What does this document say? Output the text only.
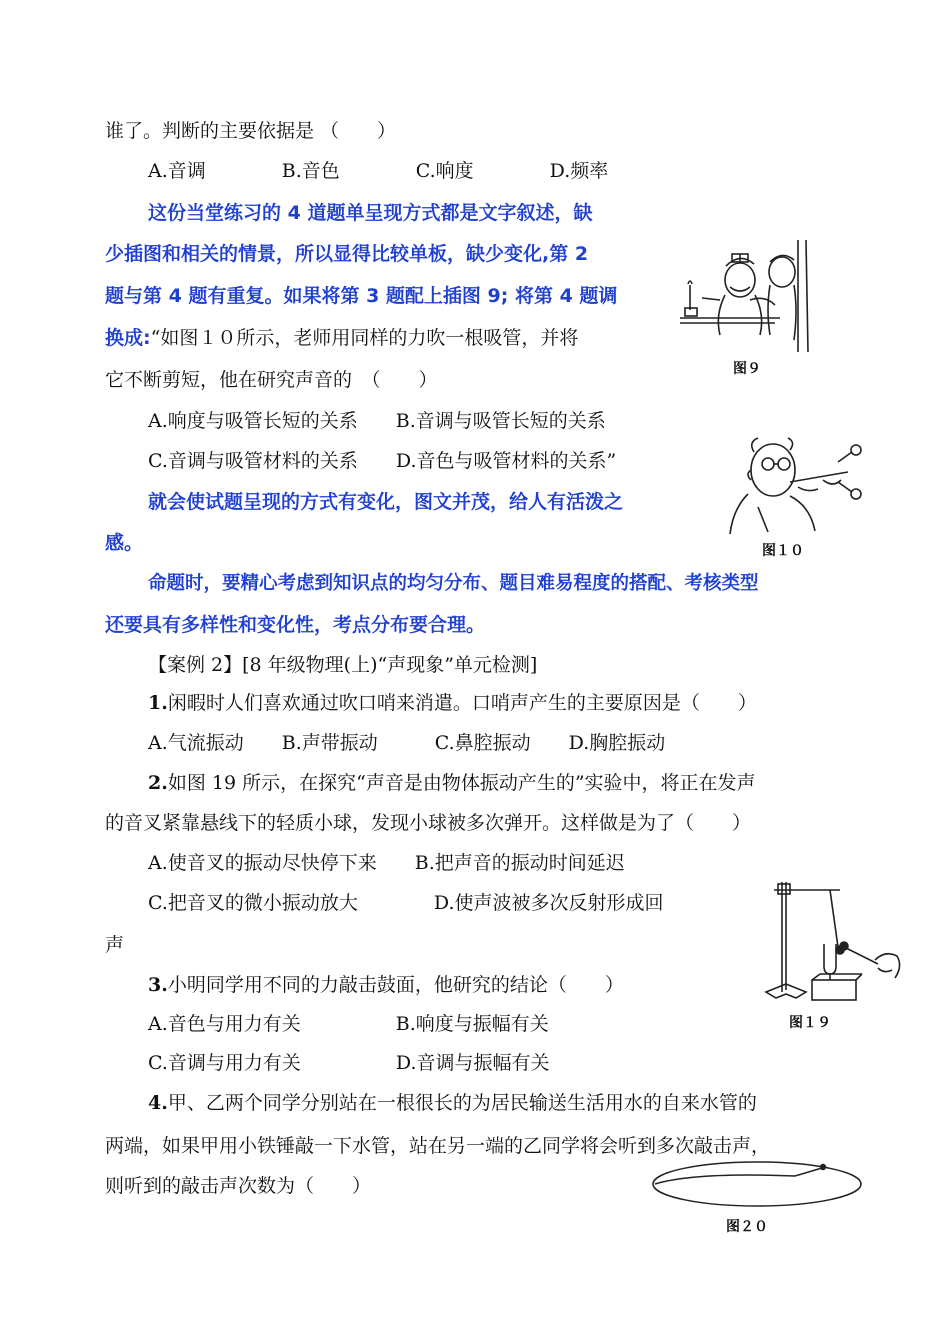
谁了。判断的主要依据是 （　　）
A.音调　　　　B.音色　　　　C.响度　　　　D.频率
这份当堂练习的 4 道题单呈现方式都是文字叙述，缺
少插图和相关的情景，所以显得比较单板，缺少变化,第 2
题与第 4 题有重复。如果将第 3 题配上插图 9; 将第 4 题调
换成:“如图１０所示，老师用同样的力吹一根吸管，并将
它不断剪短，他在研究声音的　（　　）
A.响度与吸管长短的关系　　B.音调与吸管长短的关系
C.音调与吸管材料的关系　　D.音色与吸管材料的关系”
就会使试题呈现的方式有变化，图文并茂，给人有活泼之
感。
命题时，要精心考虑到知识点的均匀分布、题目难易程度的搭配、考核类型
还要具有多样性和变化性，考点分布要合理。
【案例 2】[8 年级物理(上)“声现象”单元检测]
1.闲暇时人们喜欢通过吹口哨来消遣。口哨声产生的主要原因是（　　）
A.气流振动　　B.声带振动　　　C.鼻腔振动　　D.胸腔振动
2.如图 19 所示，在探究“声音是由物体振动产生的”实验中，将正在发声
的音叉紧靠悬线下的轻质小球，发现小球被多次弹开。这样做是为了（　　）
A.使音叉的振动尽快停下来　　B.把声音的振动时间延迟
C.把音叉的微小振动放大　　　　D.使声波被多次反射形成回
声
3.小明同学用不同的力敲击鼓面，他研究的结论（　　）
A.音色与用力有关　　　　　B.响度与振幅有关
C.音调与用力有关　　　　　D.音调与振幅有关
4.甲、乙两个同学分别站在一根很长的为居民输送生活用水的自来水管的
两端，如果甲用小铁锤敲一下水管，站在另一端的乙同学将会听到多次敲击声，
则听到的敲击声次数为（　　）
图９
图１０
图１９
图２０
